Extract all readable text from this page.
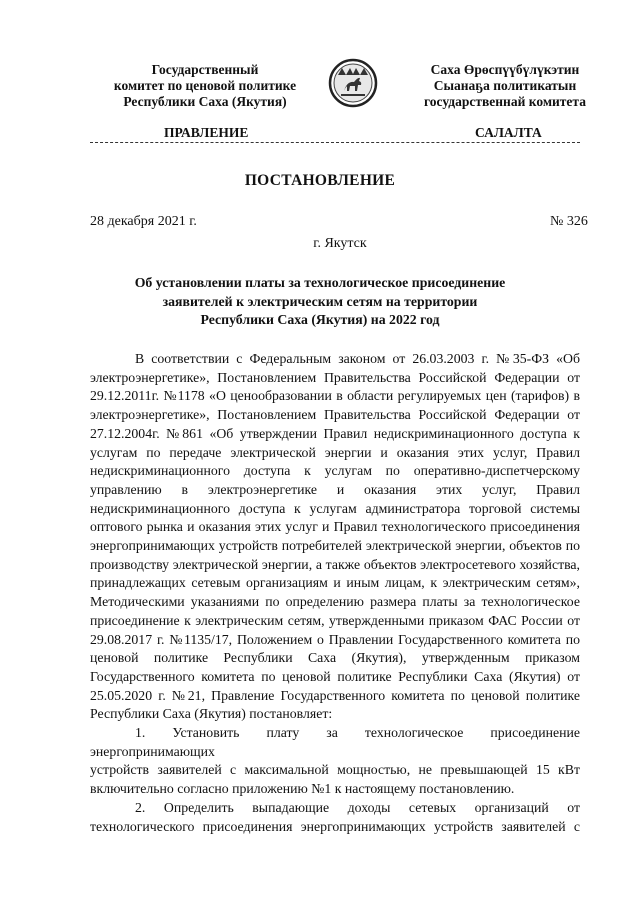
Государственный
комитет по ценовой политике
Республики Саха (Якутия)
Саха Өрөспүүбүлүкэтин
Сыанаҕа политикатын
государственнай комитета
ПРАВЛЕНИЕ	САЛАЛТА
ПОСТАНОВЛЕНИЕ
28 декабря 2021 г.	№ 326
г. Якутск
Об установлении платы за технологическое присоединение
заявителей к электрическим сетям на территории
Республики Саха (Якутия) на 2022 год
В соответствии с Федеральным законом от 26.03.2003 г. №35-ФЗ «Об
электроэнергетике», Постановлением Правительства Российской Федерации от
29.12.2011г. №1178 «О ценообразовании в области регулируемых цен (тарифов) в
электроэнергетике», Постановлением Правительства Российской Федерации от
27.12.2004г. №861 «Об утверждении Правил недискриминационного доступа к
услугам по передаче электрической энергии и оказания этих услуг, Правил
недискриминационного доступа к услугам по оперативно-диспетчерскому
управлению в электроэнергетике и оказания этих услуг, Правил
недискриминационного доступа к услугам администратора торговой системы
оптового рынка и оказания этих услуг и Правил технологического присоединения
энергопринимающих устройств потребителей электрической энергии, объектов по
производству электрической энергии, а также объектов электросетевого хозяйства,
принадлежащих сетевым организациям и иным лицам, к электрическим сетям»,
Методическими указаниями по определению размера платы за технологическое
присоединение к электрическим сетям, утвержденными приказом ФАС России от
29.08.2017 г. №1135/17, Положением о Правлении Государственного комитета по
ценовой политике Республики Саха (Якутия), утвержденным приказом
Государственного комитета по ценовой политике Республики Саха (Якутия) от
25.05.2020 г. №21, Правление Государственного комитета по ценовой политике
Республики Саха (Якутия) постановляет:
1. Установить плату за технологическое присоединение энергопринимающих
устройств заявителей с максимальной мощностью, не превышающей 15 кВт
включительно согласно приложению №1 к настоящему постановлению.
2. Определить выпадающие доходы сетевых организаций от
технологического присоединения энергопринимающих устройств заявителей с
